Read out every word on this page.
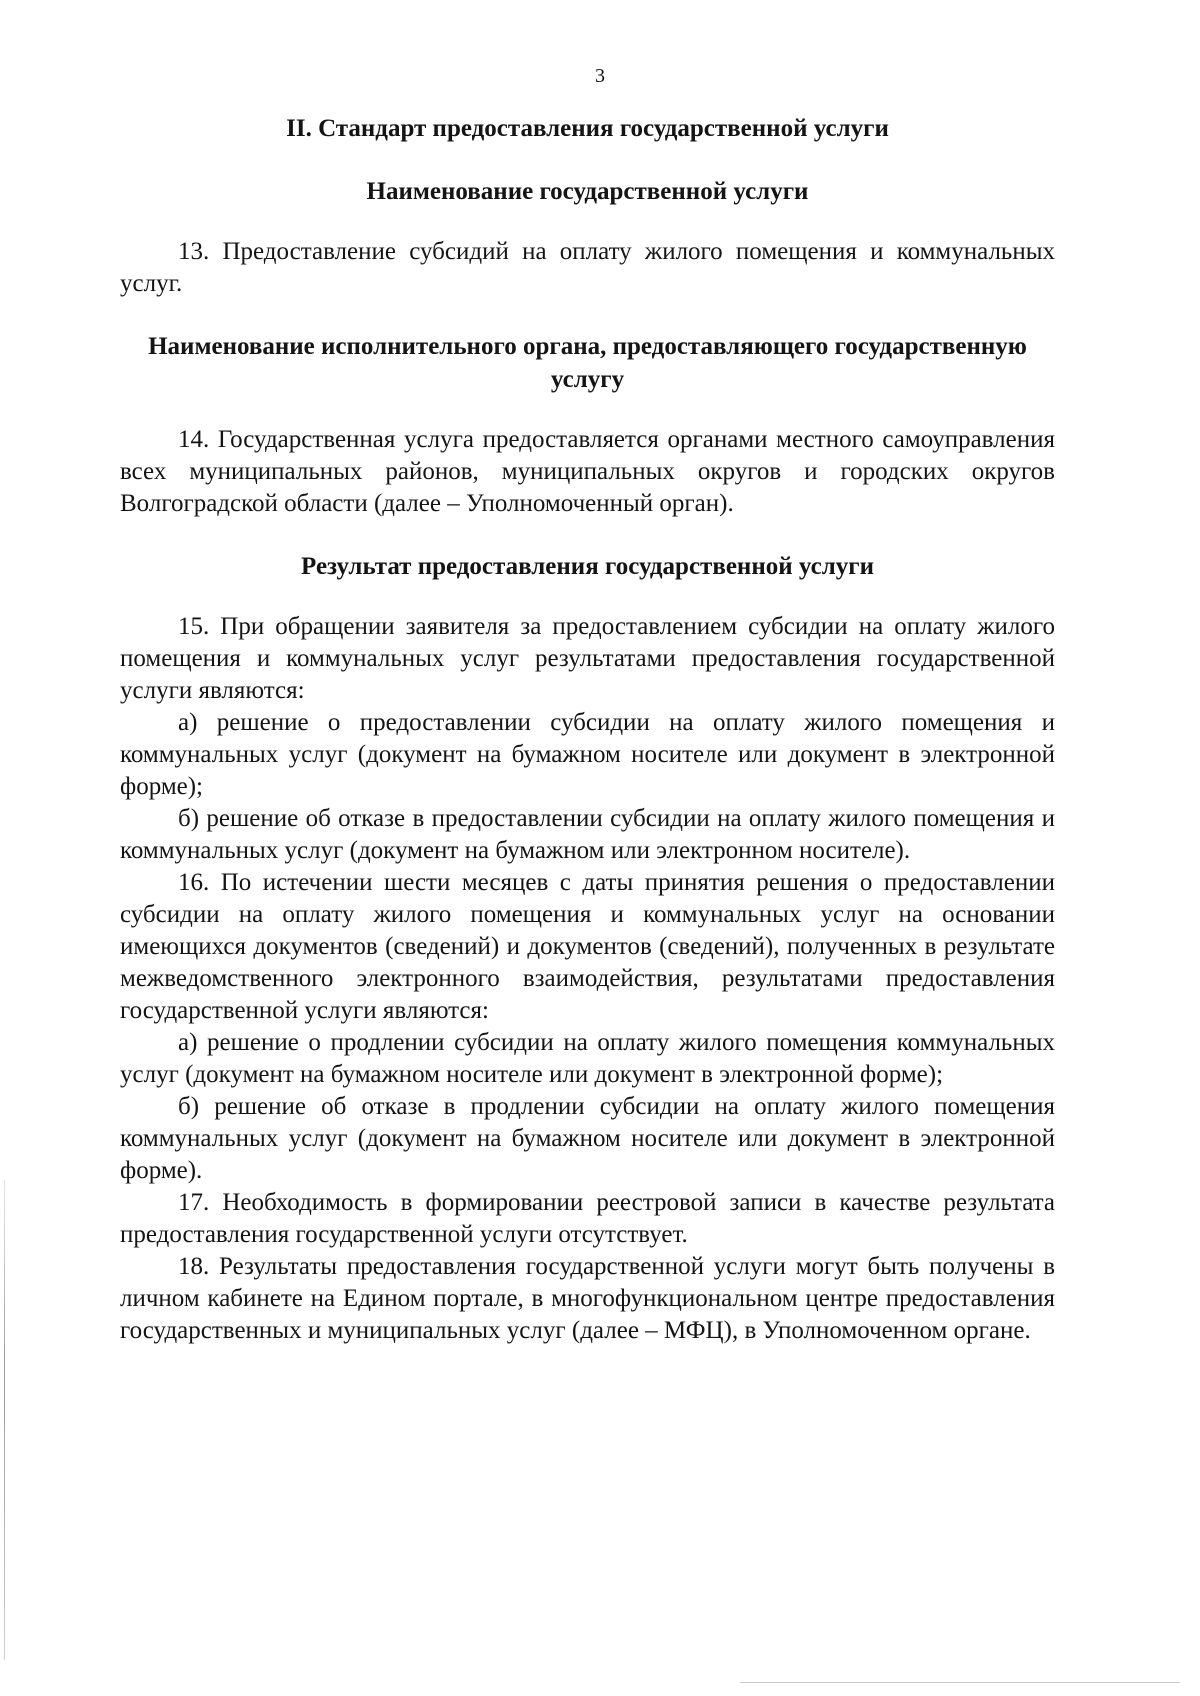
3
II. Стандарт предоставления государственной услуги
Наименование государственной услуги

13. Предоставление субсидий на оплату жилого помещения и коммунальных услуг.

Наименование исполнительного органа, предоставляющего государственную услугу

14. Государственная услуга предоставляется органами местного самоуправления всех муниципальных районов, муниципальных округов и городских округов Волгоградской области (далее – Уполномоченный орган).

Результат предоставления государственной услуги

15. При обращении заявителя за предоставлением субсидии на оплату жилого помещения и коммунальных услуг результатами предоставления государственной услуги являются:

а) решение о предоставлении субсидии на оплату жилого помещения и коммунальных услуг (документ на бумажном носителе или документ в электронной форме);

б) решение об отказе в предоставлении субсидии на оплату жилого помещения и коммунальных услуг (документ на бумажном или электронном носителе).

16. По истечении шести месяцев с даты принятия решения о предоставлении субсидии на оплату жилого помещения и коммунальных услуг на основании имеющихся документов (сведений) и документов (сведений), полученных в результате межведомственного электронного взаимодействия, результатами предоставления государственной услуги являются:

а) решение о продлении субсидии на оплату жилого помещения коммунальных услуг (документ на бумажном носителе или документ в электронной форме);

б) решение об отказе в продлении субсидии на оплату жилого помещения коммунальных услуг (документ на бумажном носителе или документ в электронной форме).

17. Необходимость в формировании реестровой записи в качестве результата предоставления государственной услуги отсутствует.

18. Результаты предоставления государственной услуги могут быть получены в личном кабинете на Едином портале, в многофункциональном центре предоставления государственных и муниципальных услуг (далее – МФЦ), в Уполномоченном органе.
